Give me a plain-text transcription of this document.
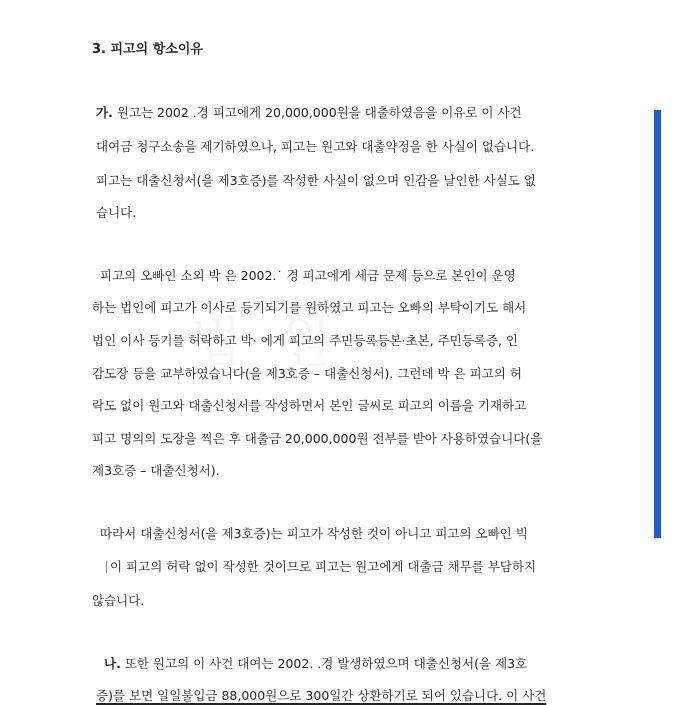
3. 피고의 항소이유
가. 원고는 2002 .경 피고에게 20,000,000원을 대출하였음을 이유로 이 사건
대여금 청구소송을 제기하였으나, 피고는 원고와 대출약정을 한 사실이 없습니다.
피고는 대출신청서(을 제3호증)를 작성한 사실이 없으며 인감을 날인한 사실도 없
습니다.
피고의 오빠인 소외 박 은 2002.˙ 경 피고에게 세금 문제 등으로 본인이 운영
하는 법인에 피고가 이사로 등기되기를 원하였고 피고는 오빠의 부탁이기도 해서
법인 이사 등기를 허락하고 박· 에게 피고의 주민등록등본·초본, 주민등록증, 인
감도장 등을 교부하였습니다(을 제3호증 – 대출신청서). 그런데 박 은 피고의 허
락도 없이 원고와 대출신청서를 작성하면서 본인 글씨로 피고의 이름을 기재하고
피고 명의의 도장을 찍은 후 대출금 20,000,000원 전부를 받아 사용하였습니다(을
제3호증 – 대출신청서).
따라서 대출신청서(을 제3호증)는 피고가 작성한 것이 아니고 피고의 오빠인 빅
이 피고의 허락 없이 작성한 것이므로 피고는 원고에게 대출금 채무를 부담하지
않습니다.
나. 또한 원고의 이 사건 대여는 2002. .경 발생하였으며 대출신청서(을 제3호
증)를 보면 일일불입금 88,000원으로 300일간 상환하기로 되어 있습니다. 이 사건
